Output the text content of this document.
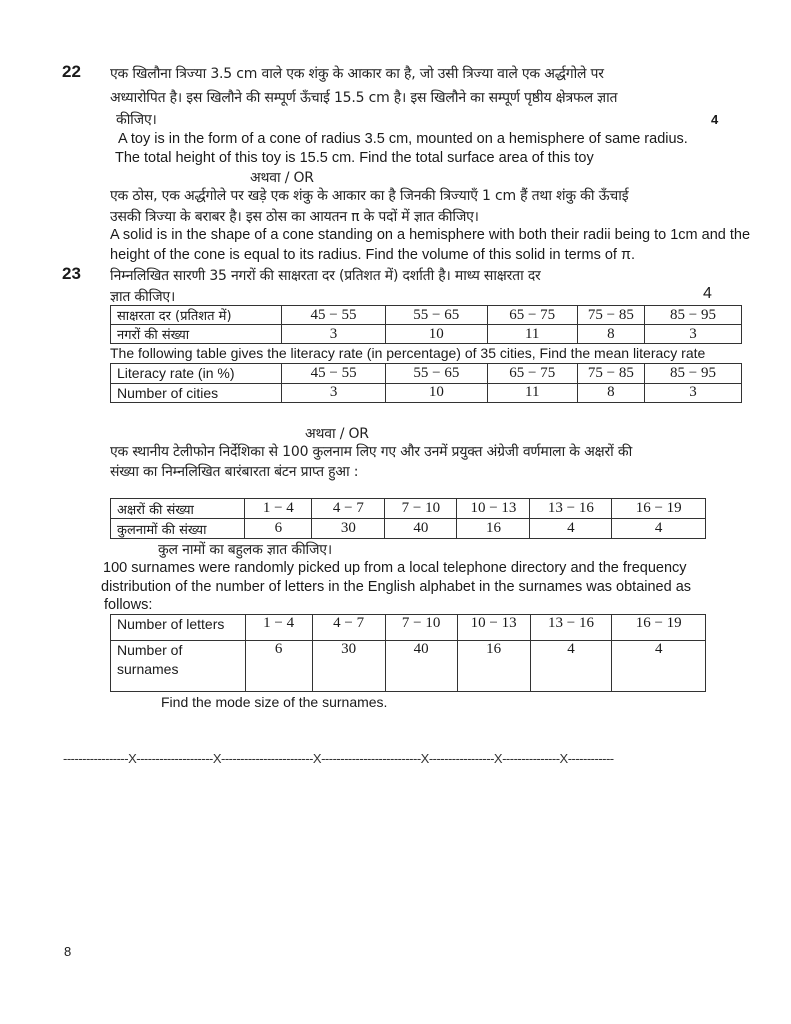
22 एक खिलौना त्रिज्या 3.5 cm वाले एक शंकु के आकार का है, जो उसी त्रिज्या वाले एक अर्द्धगोले पर
अध्यारोपित है। इस खिलौने की सम्पूर्ण ऊँचाई 15.5 cm है। इस खिलौने का सम्पूर्ण पृष्ठीय क्षेत्रफल ज्ञात
कीजिए।	4
A toy is in the form of a cone of radius 3.5 cm, mounted on a hemisphere of same radius.
The total height of this toy is 15.5 cm. Find the total surface area of this toy
अथवा / OR
एक ठोस, एक अर्द्धगोले पर खड़े एक शंकु के आकार का है जिनकी त्रिज्याएँ 1 cm हैं तथा शंकु की ऊँचाई
उसकी त्रिज्या के बराबर है। इस ठोस का आयतन π के पदों में ज्ञात कीजिए।
A solid is in the shape of a cone standing on a hemisphere with both their radii being to 1cm and the
height of the cone is equal to its radius. Find the volume of this solid in terms of π.
23 निम्नलिखित सारणी 35 नगरों की साक्षरता दर (प्रतिशत में) दर्शाती है। माध्य साक्षरता दर
ज्ञात कीजिए।	4
साक्षरता दर (प्रतिशत में)	45 − 55	55 − 65	65 − 75	75 − 85	85 − 95
नगरों की संख्या	3	10	11	8	3
The following table gives the literacy rate (in percentage) of 35 cities, Find the mean literacy rate
Literacy rate (in %)	45 − 55	55 − 65	65 − 75	75 − 85	85 − 95
Number of cities	3	10	11	8	3
अथवा / OR
एक स्थानीय टेलीफोन निर्देशिका से 100 कुलनाम लिए गए और उनमें प्रयुक्त अंग्रेजी वर्णमाला के अक्षरों की
संख्या का निम्नलिखित बारंबारता बंटन प्राप्त हुआ :
अक्षरों की संख्या	1 − 4	4 − 7	7 − 10	10 − 13	13 − 16	16 − 19
कुलनामों की संख्या	6	30	40	16	4	4
कुल नामों का बहुलक ज्ञात कीजिए।
100 surnames were randomly picked up from a local telephone directory and the frequency
distribution of the number of letters in the English alphabet in the surnames was obtained as
follows:
Number of letters	1 − 4	4 − 7	7 − 10	10 − 13	13 − 16	16 − 19
Number of surnames	6	30	40	16	4	4
Find the mode size of the surnames.
-----------------X--------------------X------------------------X--------------------------X-----------------X---------------X------------
8
